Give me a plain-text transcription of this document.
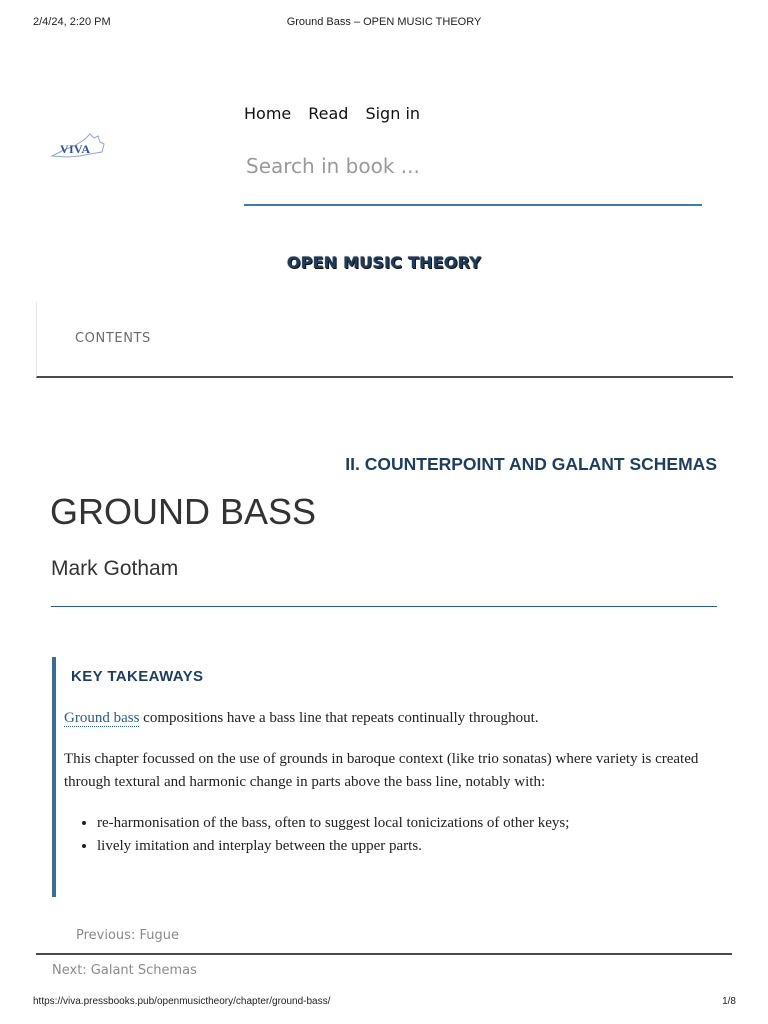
2/4/24, 2:20 PM	Ground Bass – OPEN MUSIC THEORY
VIVA
Home Read Sign in
Search in book ...
OPEN MUSIC THEORY
CONTENTS
II. COUNTERPOINT AND GALANT SCHEMAS
GROUND BASS
Mark Gotham
KEY TAKEAWAYS

Ground bass compositions have a bass line that repeats continually throughout.

This chapter focussed on the use of grounds in baroque context (like trio sonatas) where variety is created through textural and harmonic change in parts above the bass line, notably with:

• re-harmonisation of the bass, often to suggest local tonicizations of other keys;
• lively imitation and interplay between the upper parts.
Previous: Fugue
Next: Galant Schemas
https://viva.pressbooks.pub/openmusictheory/chapter/ground-bass/	1/8
